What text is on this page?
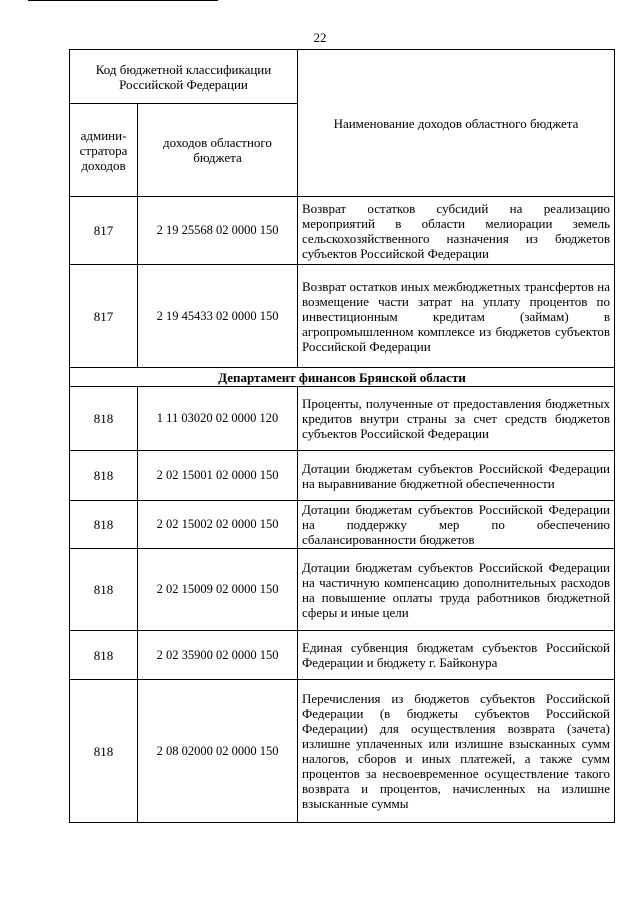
22
Код бюджетной классификации Российской Федерации		Наименование доходов областного бюджета
админи-стратора доходов	доходов областного бюджета	
817	2 19 25568 02 0000 150	Возврат остатков субсидий на реализацию мероприятий в области мелиорации земель сельскохозяйственного назначения из бюджетов субъектов Российской Федерации
817	2 19 45433 02 0000 150	Возврат остатков иных межбюджетных трансфертов на возмещение части затрат на уплату процентов по инвестиционным кредитам (займам) в агропромышленном комплексе из бюджетов субъектов Российской Федерации
Департамент финансов Брянской области		
818	1 11 03020 02 0000 120	Проценты, полученные от предоставления бюджетных кредитов внутри страны за счет средств бюджетов субъектов Российской Федерации
818	2 02 15001 02 0000 150	Дотации бюджетам субъектов Российской Федерации на выравнивание бюджетной обеспеченности
818	2 02 15002 02 0000 150	Дотации бюджетам субъектов Российской Федерации на поддержку мер по обеспечению сбалансированности бюджетов
818	2 02 15009 02 0000 150	Дотации бюджетам субъектов Российской Федерации на частичную компенсацию дополнительных расходов на повышение оплаты труда работников бюджетной сферы и иные цели
818	2 02 35900 02 0000 150	Единая субвенция бюджетам субъектов Российской Федерации и бюджету г. Байконура
818	2 08 02000 02 0000 150	Перечисления из бюджетов субъектов Российской Федерации (в бюджеты субъектов Российской Федерации) для осуществления возврата (зачета) излишне уплаченных или излишне взысканных сумм налогов, сборов и иных платежей, а также сумм процентов за несвоевременное осуществление такого возврата и процентов, начисленных на излишне взысканные суммы
